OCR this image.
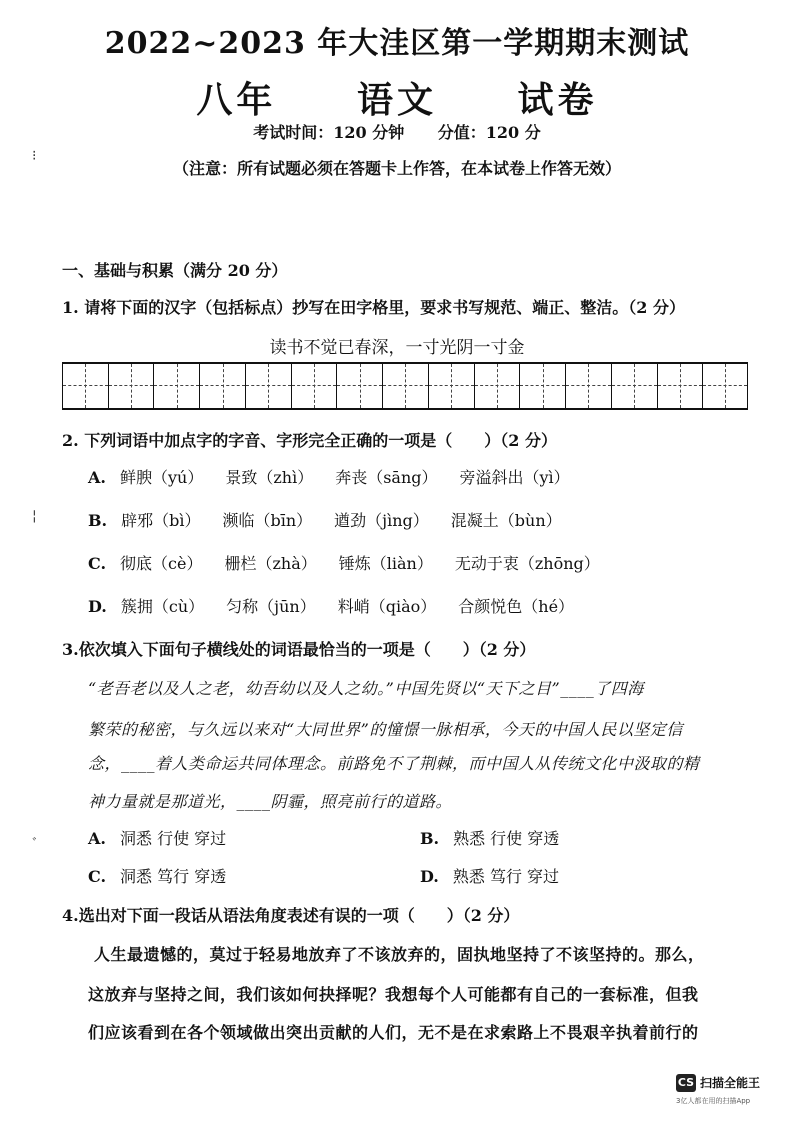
2022~2023 年大洼区第一学期期末测试
八年 语文 试卷
考试时间：120 分钟 分值：120 分
（注意：所有试题必须在答题卡上作答，在本试卷上作答无效）
一、基础与积累（满分 20 分）
1. 请将下面的汉字（包括标点）抄写在田字格里，要求书写规范、端正、整洁。（2 分）
读书不觉已春深，一寸光阴一寸金
2. 下列词语中加点字的字音、字形完全正确的一项是（　　）（2 分）
A. 鲜腴（yú） 景致（zhì） 奔丧（sāng） 旁溢斜出（yì）
B. 辟邪（bì） 濒临（bīn） 遒劲（jìng） 混凝土（bùn）
C. 彻底（cè） 栅栏（zhà） 锤炼（liàn） 无动于衷（zhōng）
D. 簇拥（cù） 匀称（jūn） 料峭（qiào） 合颜悦色（hé）
3.依次填入下面句子横线处的词语最恰当的一项是（　　）（2 分）
“老吾老以及人之老，幼吾幼以及人之幼。”中国先贤以“天下之目”____了四海
繁荣的秘密，与久远以来对“大同世界”的憧憬一脉相承，今天的中国人民以坚定信
念，____着人类命运共同体理念。前路免不了荆棘，而中国人从传统文化中汲取的精
神力量就是那道光，____阴霾，照亮前行的道路。
A. 洞悉 行使 穿过	B. 熟悉 行使 穿透
C. 洞悉 笃行 穿透	D. 熟悉 笃行 穿过
4.选出对下面一段话从语法角度表述有误的一项（　　）（2 分）
人生最遗憾的，莫过于轻易地放弃了不该放弃的，固执地坚持了不该坚持的。那么，
这放弃与坚持之间，我们该如何抉择呢？我想每个人可能都有自己的一套标准，但我
们应该看到在各个领域做出突出贡献的人们，无不是在求索路上不畏艰辛执着前行的
⁝
¦
ﾞ
CS 扫描全能王
3亿人都在用的扫描App
